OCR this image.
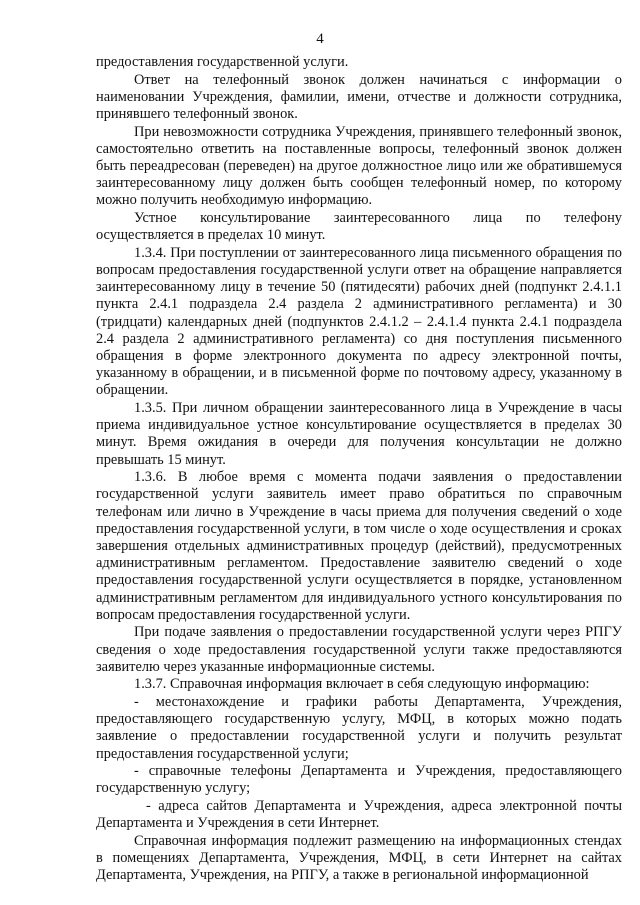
4

предоставления государственной услуги.

Ответ на телефонный звонок должен начинаться с информации о наименовании Учреждения, фамилии, имени, отчестве и должности сотрудника, принявшего телефонный звонок.

При невозможности сотрудника Учреждения, принявшего телефонный звонок, самостоятельно ответить на поставленные вопросы, телефонный звонок должен быть переадресован (переведен) на другое должностное лицо или же обратившемуся заинтересованному лицу должен быть сообщен телефонный номер, по которому можно получить необходимую информацию.

Устное консультирование заинтересованного лица по телефону осуществляется в пределах 10 минут.

1.3.4. При поступлении от заинтересованного лица письменного обращения по вопросам предоставления государственной услуги ответ на обращение направляется заинтересованному лицу в течение 50 (пятидесяти) рабочих дней (подпункт 2.4.1.1 пункта 2.4.1 подраздела 2.4 раздела 2 административного регламента) и 30 (тридцати) календарных дней (подпунктов 2.4.1.2 – 2.4.1.4 пункта 2.4.1 подраздела 2.4 раздела 2 административного регламента) со дня поступления письменного обращения в форме электронного документа по адресу электронной почты, указанному в обращении, и в письменной форме по почтовому адресу, указанному в обращении.

1.3.5. При личном обращении заинтересованного лица в Учреждение в часы приема индивидуальное устное консультирование осуществляется в пределах 30 минут. Время ожидания в очереди для получения консультации не должно превышать 15 минут.

1.3.6. В любое время с момента подачи заявления о предоставлении государственной услуги заявитель имеет право обратиться по справочным телефонам или лично в Учреждение в часы приема для получения сведений о ходе предоставления государственной услуги, в том числе о ходе осуществления и сроках завершения отдельных административных процедур (действий), предусмотренных административным регламентом. Предоставление заявителю сведений о ходе предоставления государственной услуги осуществляется в порядке, установленном административным регламентом для индивидуального устного консультирования по вопросам предоставления государственной услуги.

При подаче заявления о предоставлении государственной услуги через РПГУ сведения о ходе предоставления государственной услуги также предоставляются заявителю через указанные информационные системы.

1.3.7. Справочная информация включает в себя следующую информацию:

- местонахождение и графики работы Департамента, Учреждения, предоставляющего государственную услугу, МФЦ, в которых можно подать заявление о предоставлении государственной услуги и получить результат предоставления государственной услуги;

- справочные телефоны Департамента и Учреждения, предоставляющего государственную услугу;

- адреса сайтов Департамента и Учреждения, адреса электронной почты Департамента и Учреждения в сети Интернет.

Справочная информация подлежит размещению на информационных стендах в помещениях Департамента, Учреждения, МФЦ, в сети Интернет на сайтах Департамента, Учреждения, на РПГУ, а также в региональной информационной
